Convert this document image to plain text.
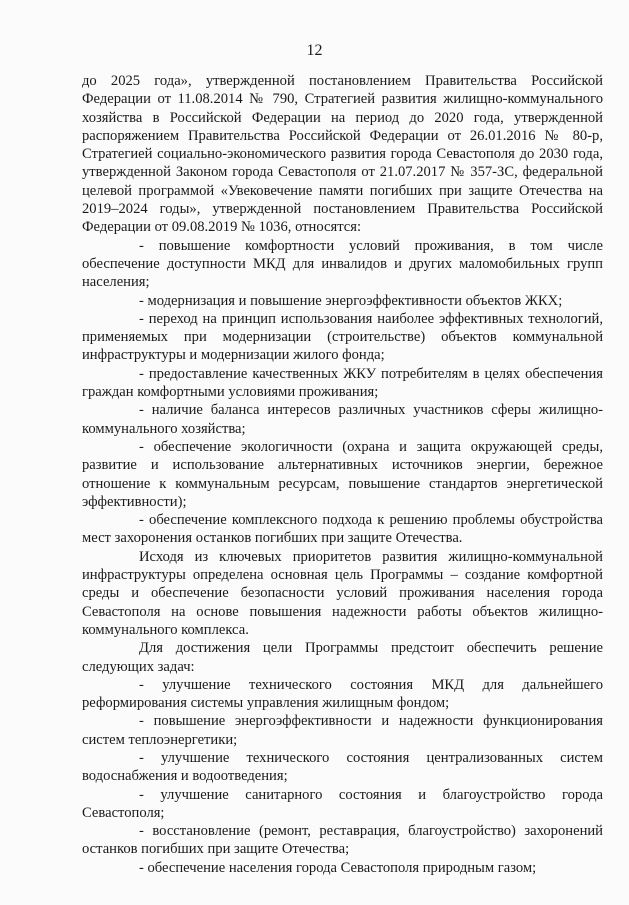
12

до 2025 года», утвержденной постановлением Правительства Российской Федерации от 11.08.2014 № 790, Стратегией развития жилищно-коммунального хозяйства в Российской Федерации на период до 2020 года, утвержденной распоряжением Правительства Российской Федерации от 26.01.2016 № 80-р, Стратегией социально-экономического развития города Севастополя до 2030 года, утвержденной Законом города Севастополя от 21.07.2017 № 357-ЗС, федеральной целевой программой «Увековечение памяти погибших при защите Отечества на 2019–2024 годы», утвержденной постановлением Правительства Российской Федерации от 09.08.2019 № 1036, относятся:

- повышение комфортности условий проживания, в том числе обеспечение доступности МКД для инвалидов и других маломобильных групп населения;

- модернизация и повышение энергоэффективности объектов ЖКХ;

- переход на принцип использования наиболее эффективных технологий, применяемых при модернизации (строительстве) объектов коммунальной инфраструктуры и модернизации жилого фонда;

- предоставление качественных ЖКУ потребителям в целях обеспечения граждан комфортными условиями проживания;

- наличие баланса интересов различных участников сферы жилищно-коммунального хозяйства;

- обеспечение экологичности (охрана и защита окружающей среды, развитие и использование альтернативных источников энергии, бережное отношение к коммунальным ресурсам, повышение стандартов энергетической эффективности);

- обеспечение комплексного подхода к решению проблемы обустройства мест захоронения останков погибших при защите Отечества.

Исходя из ключевых приоритетов развития жилищно-коммунальной инфраструктуры определена основная цель Программы – создание комфортной среды и обеспечение безопасности условий проживания населения города Севастополя на основе повышения надежности работы объектов жилищно-коммунального комплекса.

Для достижения цели Программы предстоит обеспечить решение следующих задач:

- улучшение технического состояния МКД для дальнейшего реформирования системы управления жилищным фондом;

- повышение энергоэффективности и надежности функционирования систем теплоэнергетики;

- улучшение технического состояния централизованных систем водоснабжения и водоотведения;

- улучшение санитарного состояния и благоустройство города Севастополя;

- восстановление (ремонт, реставрация, благоустройство) захоронений останков погибших при защите Отечества;

- обеспечение населения города Севастополя природным газом;
